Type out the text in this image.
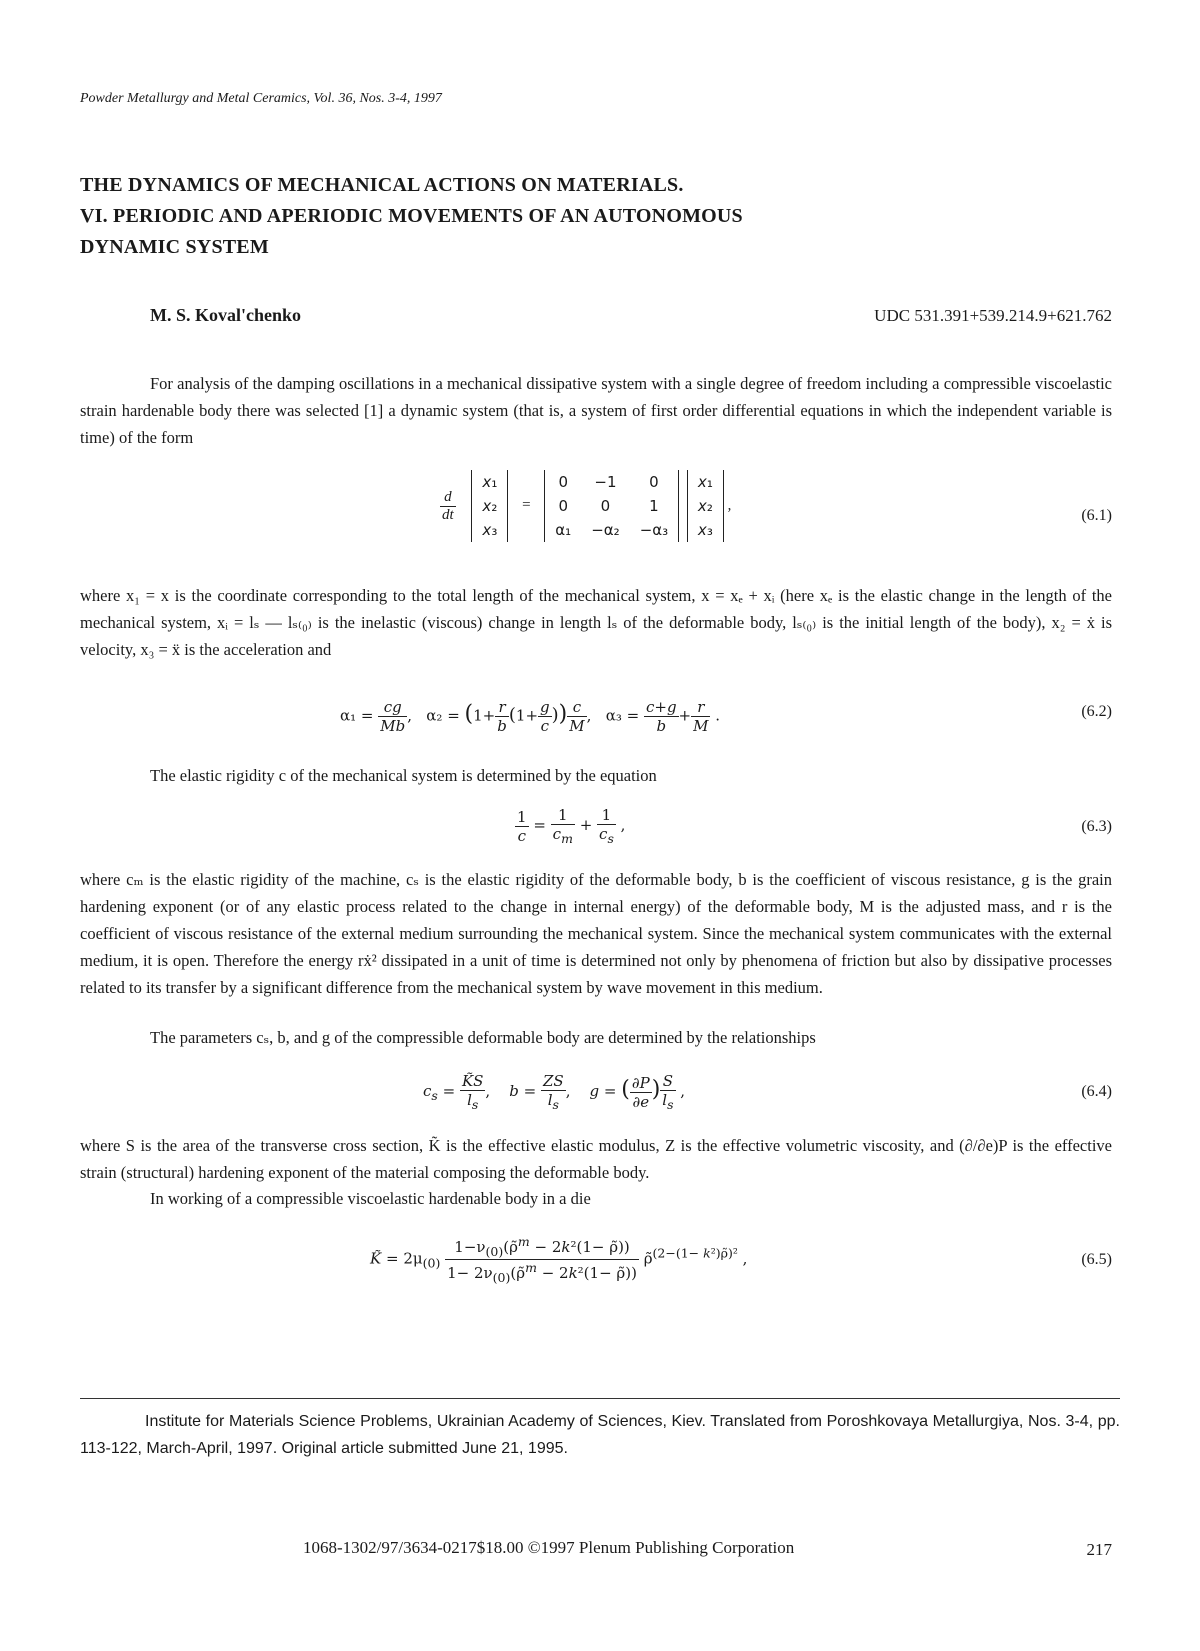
Powder Metallurgy and Metal Ceramics, Vol. 36, Nos. 3-4, 1997
THE DYNAMICS OF MECHANICAL ACTIONS ON MATERIALS.
VI. PERIODIC AND APERIODIC MOVEMENTS OF AN AUTONOMOUS
DYNAMIC SYSTEM
M. S. Koval'chenko	UDC 531.391+539.214.9+621.762
For analysis of the damping oscillations in a mechanical dissipative system with a single degree of freedom including a compressible viscoelastic strain hardenable body there was selected [1] a dynamic system (that is, a system of first order differential equations in which the independent variable is time) of the form
$\frac{d}{dt}$

x₁
x₂
x₃
=
0	−1	0
0	0	1
α₁	−α₂	−α₃

x₁
x₂
x₃
,
(6.1)
where x₁ = x is the coordinate corresponding to the total length of the mechanical system, x = xₑ + xᵢ (here xₑ is the elastic change in the length of the mechanical system, xᵢ = lₛ — lₛ₍₀₎ is the inelastic (viscous) change in length lₛ of the deformable body, lₛ₍₀₎ is the initial length of the body), x₂ = ẋ is velocity, x₃ = ẍ is the acceleration and
$\alpha_1 = \frac{cg}{Mb}$ ,   $\alpha_2 = (1+ \frac{r}{b} (1+ \frac{g}{c}$ )) $\frac{c}{M}$ ,   $\alpha_3 = \frac{c+g}{b} + \frac{r}{M}$ .	(6.2)
The elastic rigidity c of the mechanical system is determined by the equation
$\frac{1}{c} = \frac{1}{c_m} + \frac{1}{c_s}$ ,	(6.3)
where cₘ is the elastic rigidity of the machine, cₛ is the elastic rigidity of the deformable body, b is the coefficient of viscous resistance, g is the grain hardening exponent (or of any elastic process related to the change in internal energy) of the deformable body, M is the adjusted mass, and r is the coefficient of viscous resistance of the external medium surrounding the mechanical system. Since the mechanical system communicates with the external medium, it is open. Therefore the energy rẋ² dissipated in a unit of time is determined not only by phenomena of friction but also by dissipative processes related to its transfer by a significant difference from the mechanical system by wave movement in this medium.
The parameters cₛ, b, and g of the compressible deformable body are determined by the relationships
$c_s = \frac{K̃S}{l_s}$ ,    $b = \frac{ZS}{l_s}$ ,    g = ( $\frac{\partial P}{\partial e}$ ) $\frac{S}{l_s}$ ,	(6.4)
where S is the area of the transverse cross section, K̃ is the effective elastic modulus, Z is the effective volumetric viscosity, and (∂/∂e)P is the effective strain (structural) hardening exponent of the material composing the deformable body.
In working of a compressible viscoelastic hardenable body in a die
K̃ = $2\mu_{(0)} \frac{1-\nu_{(0)}(\rhõ^m - 2k^2(1- \rhõ))}{1- 2\nu_{(0)}(\rhõ^m - 2k^2(1- \rhõ))}$ ρ̃$^{(2-(1- k^2)\rhõ)^2}$ ,	(6.5)
Institute for Materials Science Problems, Ukrainian Academy of Sciences, Kiev. Translated from Poroshkovaya Metallurgiya, Nos. 3-4, pp. 113-122, March-April, 1997. Original article submitted June 21, 1995.
1068-1302/97/3634-0217$18.00 ©1997 Plenum Publishing Corporation	217
